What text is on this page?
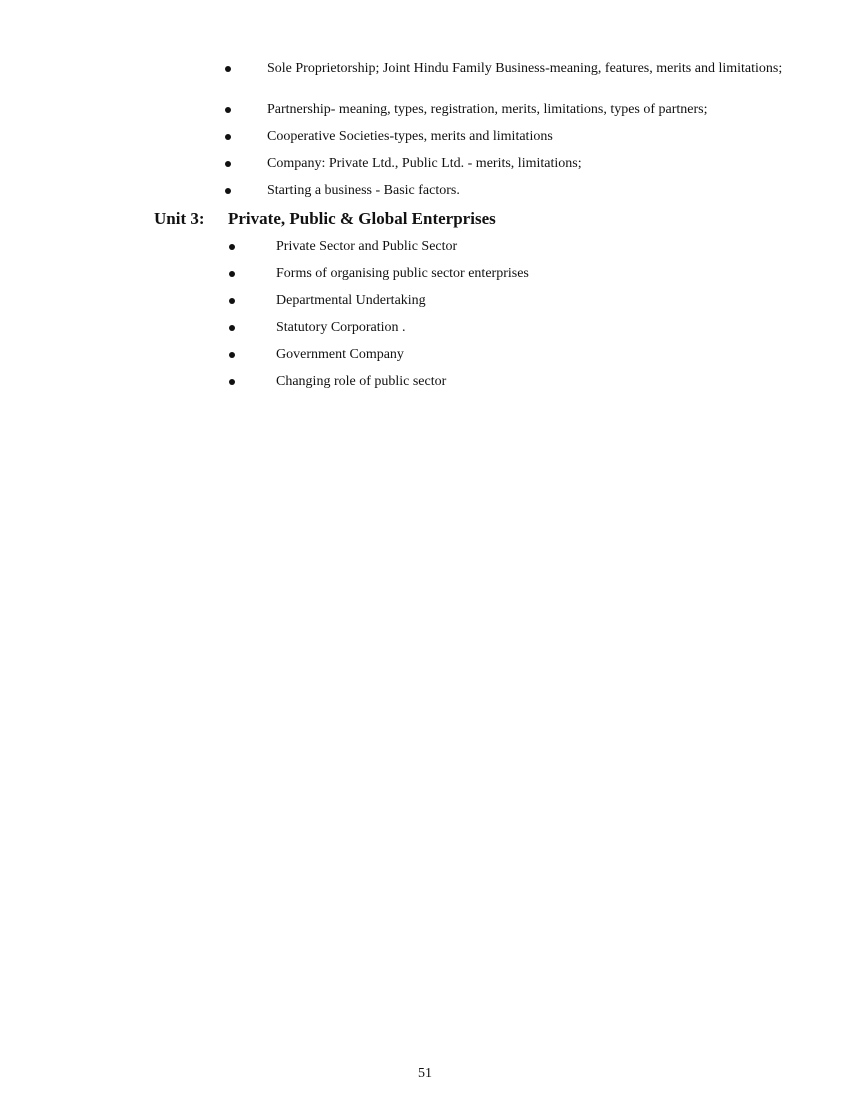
Sole Proprietorship; Joint Hindu Family Business-meaning, features, merits and limitations;
Partnership- meaning, types, registration, merits, limitations, types of partners;
Cooperative Societies-types, merits and limitations
Company: Private Ltd., Public Ltd. - merits, limitations;
Starting a business - Basic factors.
Unit 3: Private, Public & Global Enterprises
Private Sector and Public Sector
Forms of organising public sector enterprises
Departmental Undertaking
Statutory Corporation .
Government Company
Changing role of public sector
51
